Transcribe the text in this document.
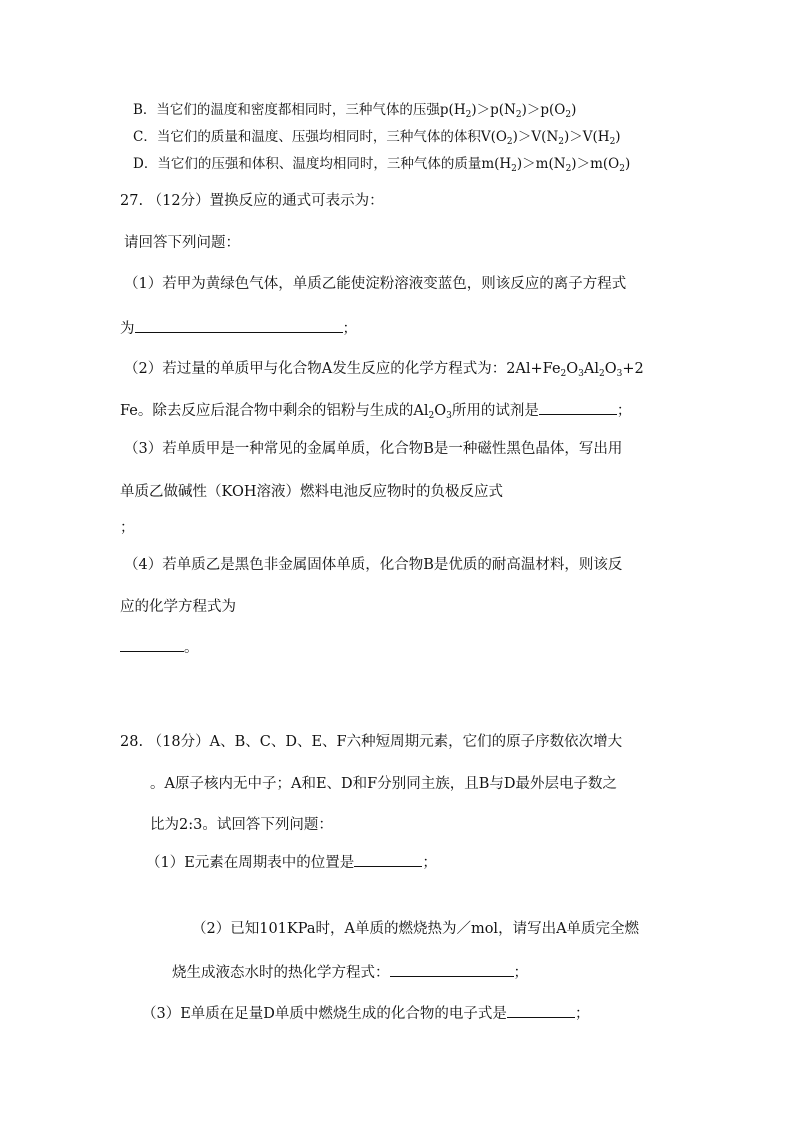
B．当它们的温度和密度都相同时，三种气体的压强$p(H_2)>p(N_2)>p(O_2)$
C．当它们的质量和温度、压强均相同时，三种气体的体积$V(O_2)>V(N_2)>V(H_2)$
D．当它们的压强和体积、温度均相同时，三种气体的质量$m(H_2)>m(N_2)>m(O_2)$
27. （12分）置换反应的通式可表示为：
请回答下列问题：
（1）若甲为黄绿色气体，单质乙能使淀粉溶液变蓝色，则该反应的离子方程式
为	；
（2）若过量的单质甲与化合物A发生反应的化学方程式为：$2Al+Fe_2O_3Al_2O_3+2$
Fe。除去反应后混合物中剩余的铝粉与生成的$Al_2O_3$所用的试剂是	；
（3）若单质甲是一种常见的金属单质，化合物B是一种磁性黑色晶体，写出用
单质乙做碱性（KOH溶液）燃料电池反应物时的负极反应式
；
（4）若单质乙是黑色非金属固体单质，化合物B是优质的耐高温材料，则该反
应的化学方程式为
。
28. （18分）A、B、C、D、E、F六种短周期元素，它们的原子序数依次增大
。A原子核内无中子；A和E、D和F分别同主族，且B与D最外层电子数之
比为2:3。试回答下列问题：
（1）E元素在周期表中的位置是	；
（2）已知101KPa时，A单质的燃烧热为／mol，请写出A单质完全燃
烧生成液态水时的热化学方程式：	；
（3）E单质在足量D单质中燃烧生成的化合物的电子式是	；
